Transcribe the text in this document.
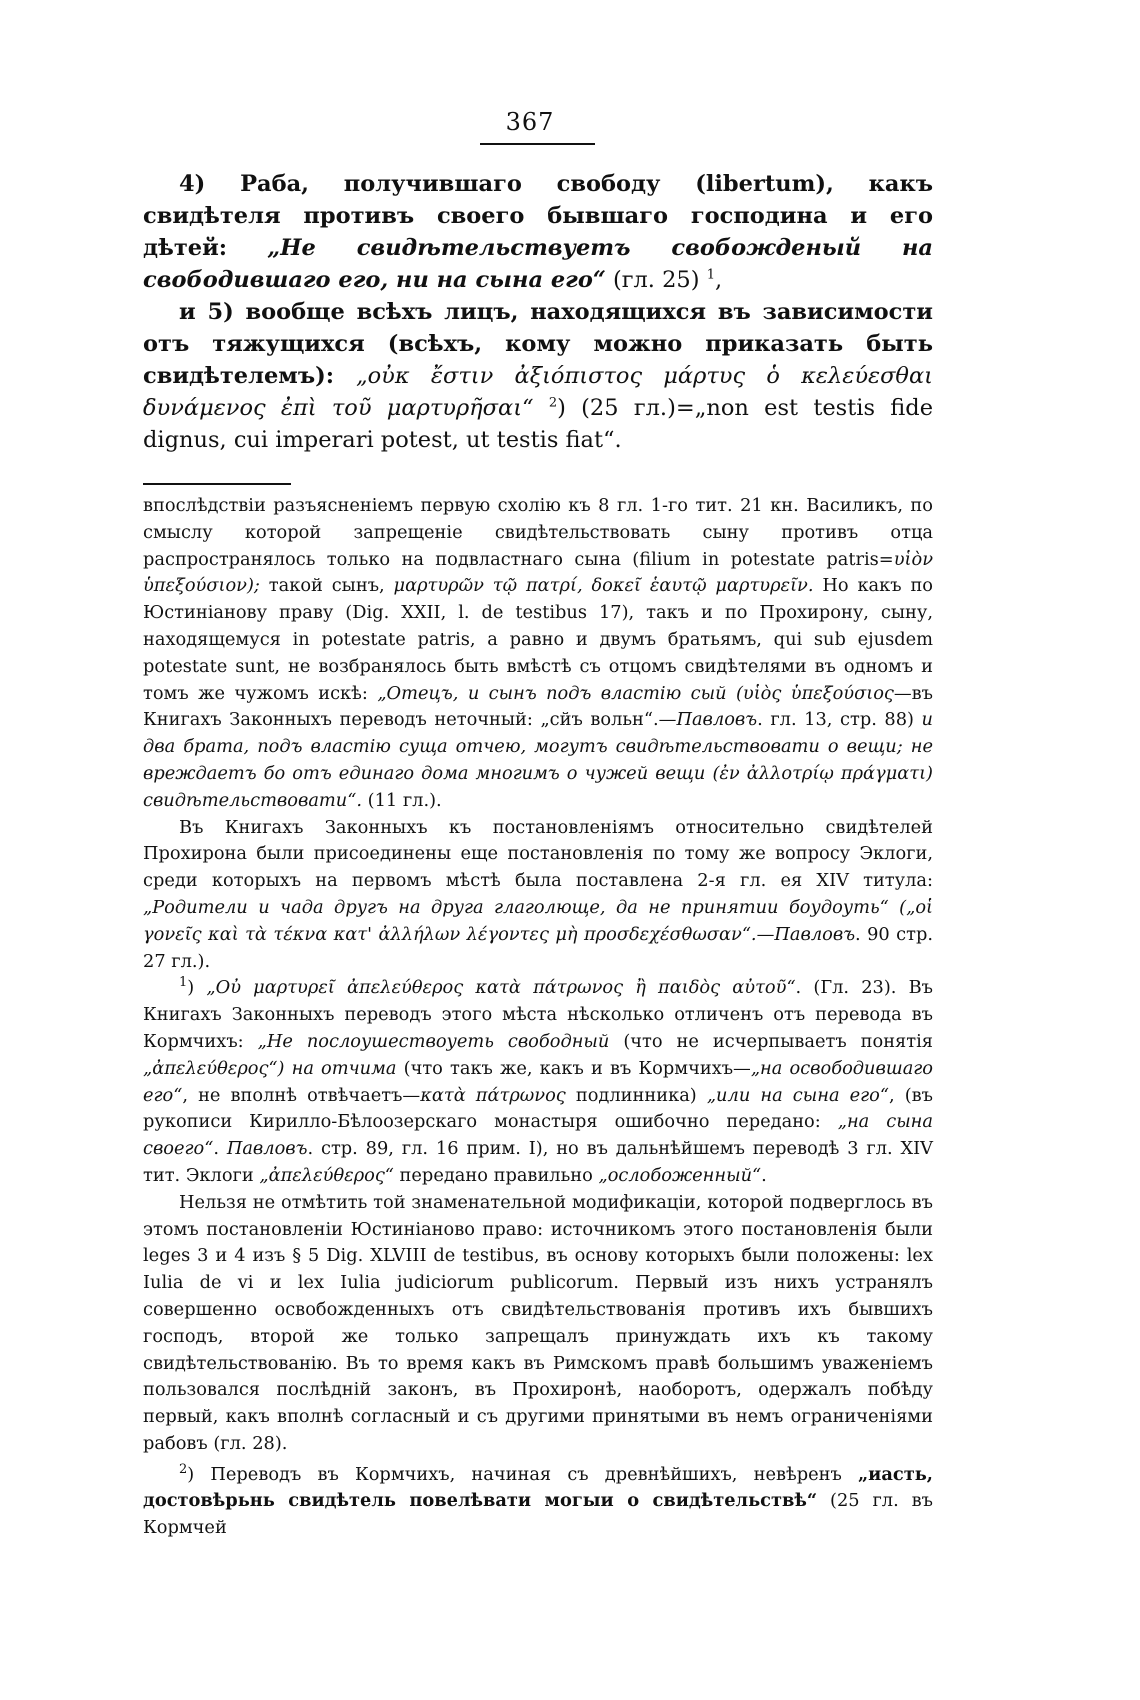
367

4) Раба, получившаго свободу (libertum), какъ свидѣтеля противъ своего бывшаго господина и его дѣтей: „Не свидѣтельствуетъ свобожденый на свободившаго его, ни на сына его“ (гл. 25) $^1$,

и 5) вообще всѣхъ лицъ, находящихся въ зависимости отъ тяжущихся (всѣхъ, кому можно приказать быть свидѣтелемъ): „οὐκ ἔστιν ἀξιόπιστος μάρτυς ὁ κελεύεσθαι δυνάμενος ἐπὶ τοῦ μαρτυρῆσαι“ $^2$) (25 гл.)=„non est testis fide dignus, cui imperari potest, ut testis fiat“.

впослѣдствіи разъясненіемъ первую схолію къ 8 гл. 1-го тит. 21 кн. Василикъ, по смыслу которой запрещеніе свидѣтельствовать сыну противъ отца распространялось только на подвластнаго сына (filium in potestate patris=υἱὸν ὑπεξούσιον); такой сынъ, μαρτυρῶν τῷ πατρί, δοκεῖ ἑαυτῷ μαρτυρεῖν. Но какъ по Юстиніанову праву (Dig. XXII, l. de testibus 17), такъ и по Прохирону, сыну, находящемуся in potestate patris, а равно и двумъ братьямъ, qui sub ejusdem potestate sunt, не возбранялось быть вмѣстѣ съ отцомъ свидѣтелями въ одномъ и томъ же чужомъ искѣ: „Отецъ, и сынъ подъ властію сый (υἱὸς ὑπεξούσιος—въ Книгахъ Законныхъ переводъ неточный: „сйъ вольн“.—Павловъ. гл. 13, стр. 88) и два брата, подъ властію суща отчею, могутъ свидѣтельствовати о вещи; не вреждаетъ бо отъ единаго дома многимъ о чужей вещи (ἐν ἀλλοτρίῳ πράγματι) свидѣтельствовати“. (11 гл.).

Въ Книгахъ Законныхъ къ постановленіямъ относительно свидѣтелей Прохирона были присоединены еще постановленія по тому же вопросу Эклоги, среди которыхъ на первомъ мѣстѣ была поставлена 2-я гл. ея XIV титула: „Родители и чада другъ на друга глаголюще, да не принятии боудоуть“ („οἱ γονεῖς καὶ τὰ τέκνα κατ' ἀλλήλων λέγοντες μὴ προσδεχέσθωσαν“.—Павловъ. 90 стр. 27 гл.).

$^1$) „Οὐ μαρτυρεῖ ἀπελεύθερος κατὰ πάτρωνος ἢ παιδὸς αὐτοῦ“. (Гл. 23). Въ Книгахъ Законныхъ переводъ этого мѣста нѣсколько отличенъ отъ перевода въ Кормчихъ: „Не послоушествоуеть свободный (что не исчерпываетъ понятія „ἀπελεύθερος“) на отчима (что такъ же, какъ и въ Кормчихъ—„на освободившаго его“, не вполнѣ отвѣчаетъ—κατὰ πάτρωνος подлинника) „или на сына его“, (въ рукописи Кирилло-Бѣлоозерскаго монастыря ошибочно передано: „на сына своего“. Павловъ. стр. 89, гл. 16 прим. I), но въ дальнѣйшемъ переводѣ 3 гл. XIV тит. Эклоги „ἀπελεύθερος“ передано правильно „ослобоженный“.

Нельзя не отмѣтить той знаменательной модификаціи, которой подверглось въ этомъ постановленіи Юстиніаново право: источникомъ этого постановленія были leges 3 и 4 изъ § 5 Dig. XLVIII de testibus, въ основу которыхъ были положены: lex Iulia de vi и lex Iulia judiciorum publicorum. Первый изъ нихъ устранялъ совершенно освобожденныхъ отъ свидѣтельствованія противъ ихъ бывшихъ господъ, второй же только запрещалъ принуждать ихъ къ такому свидѣтельствованію. Въ то время какъ въ Римскомъ правѣ большимъ уваженіемъ пользовался послѣдній законъ, въ Прохиронѣ, наоборотъ, одержалъ побѣду первый, какъ вполнѣ согласный и съ другими принятыми въ немъ ограниченіями рабовъ (гл. 28).

$^2$) Переводъ въ Кормчихъ, начиная съ древнѣйшихъ, невѣренъ „иасть, достовѣрьнь свидѣтель повелѣвати могыи о свидѣтельствѣ“ (25 гл. въ Кормчей
